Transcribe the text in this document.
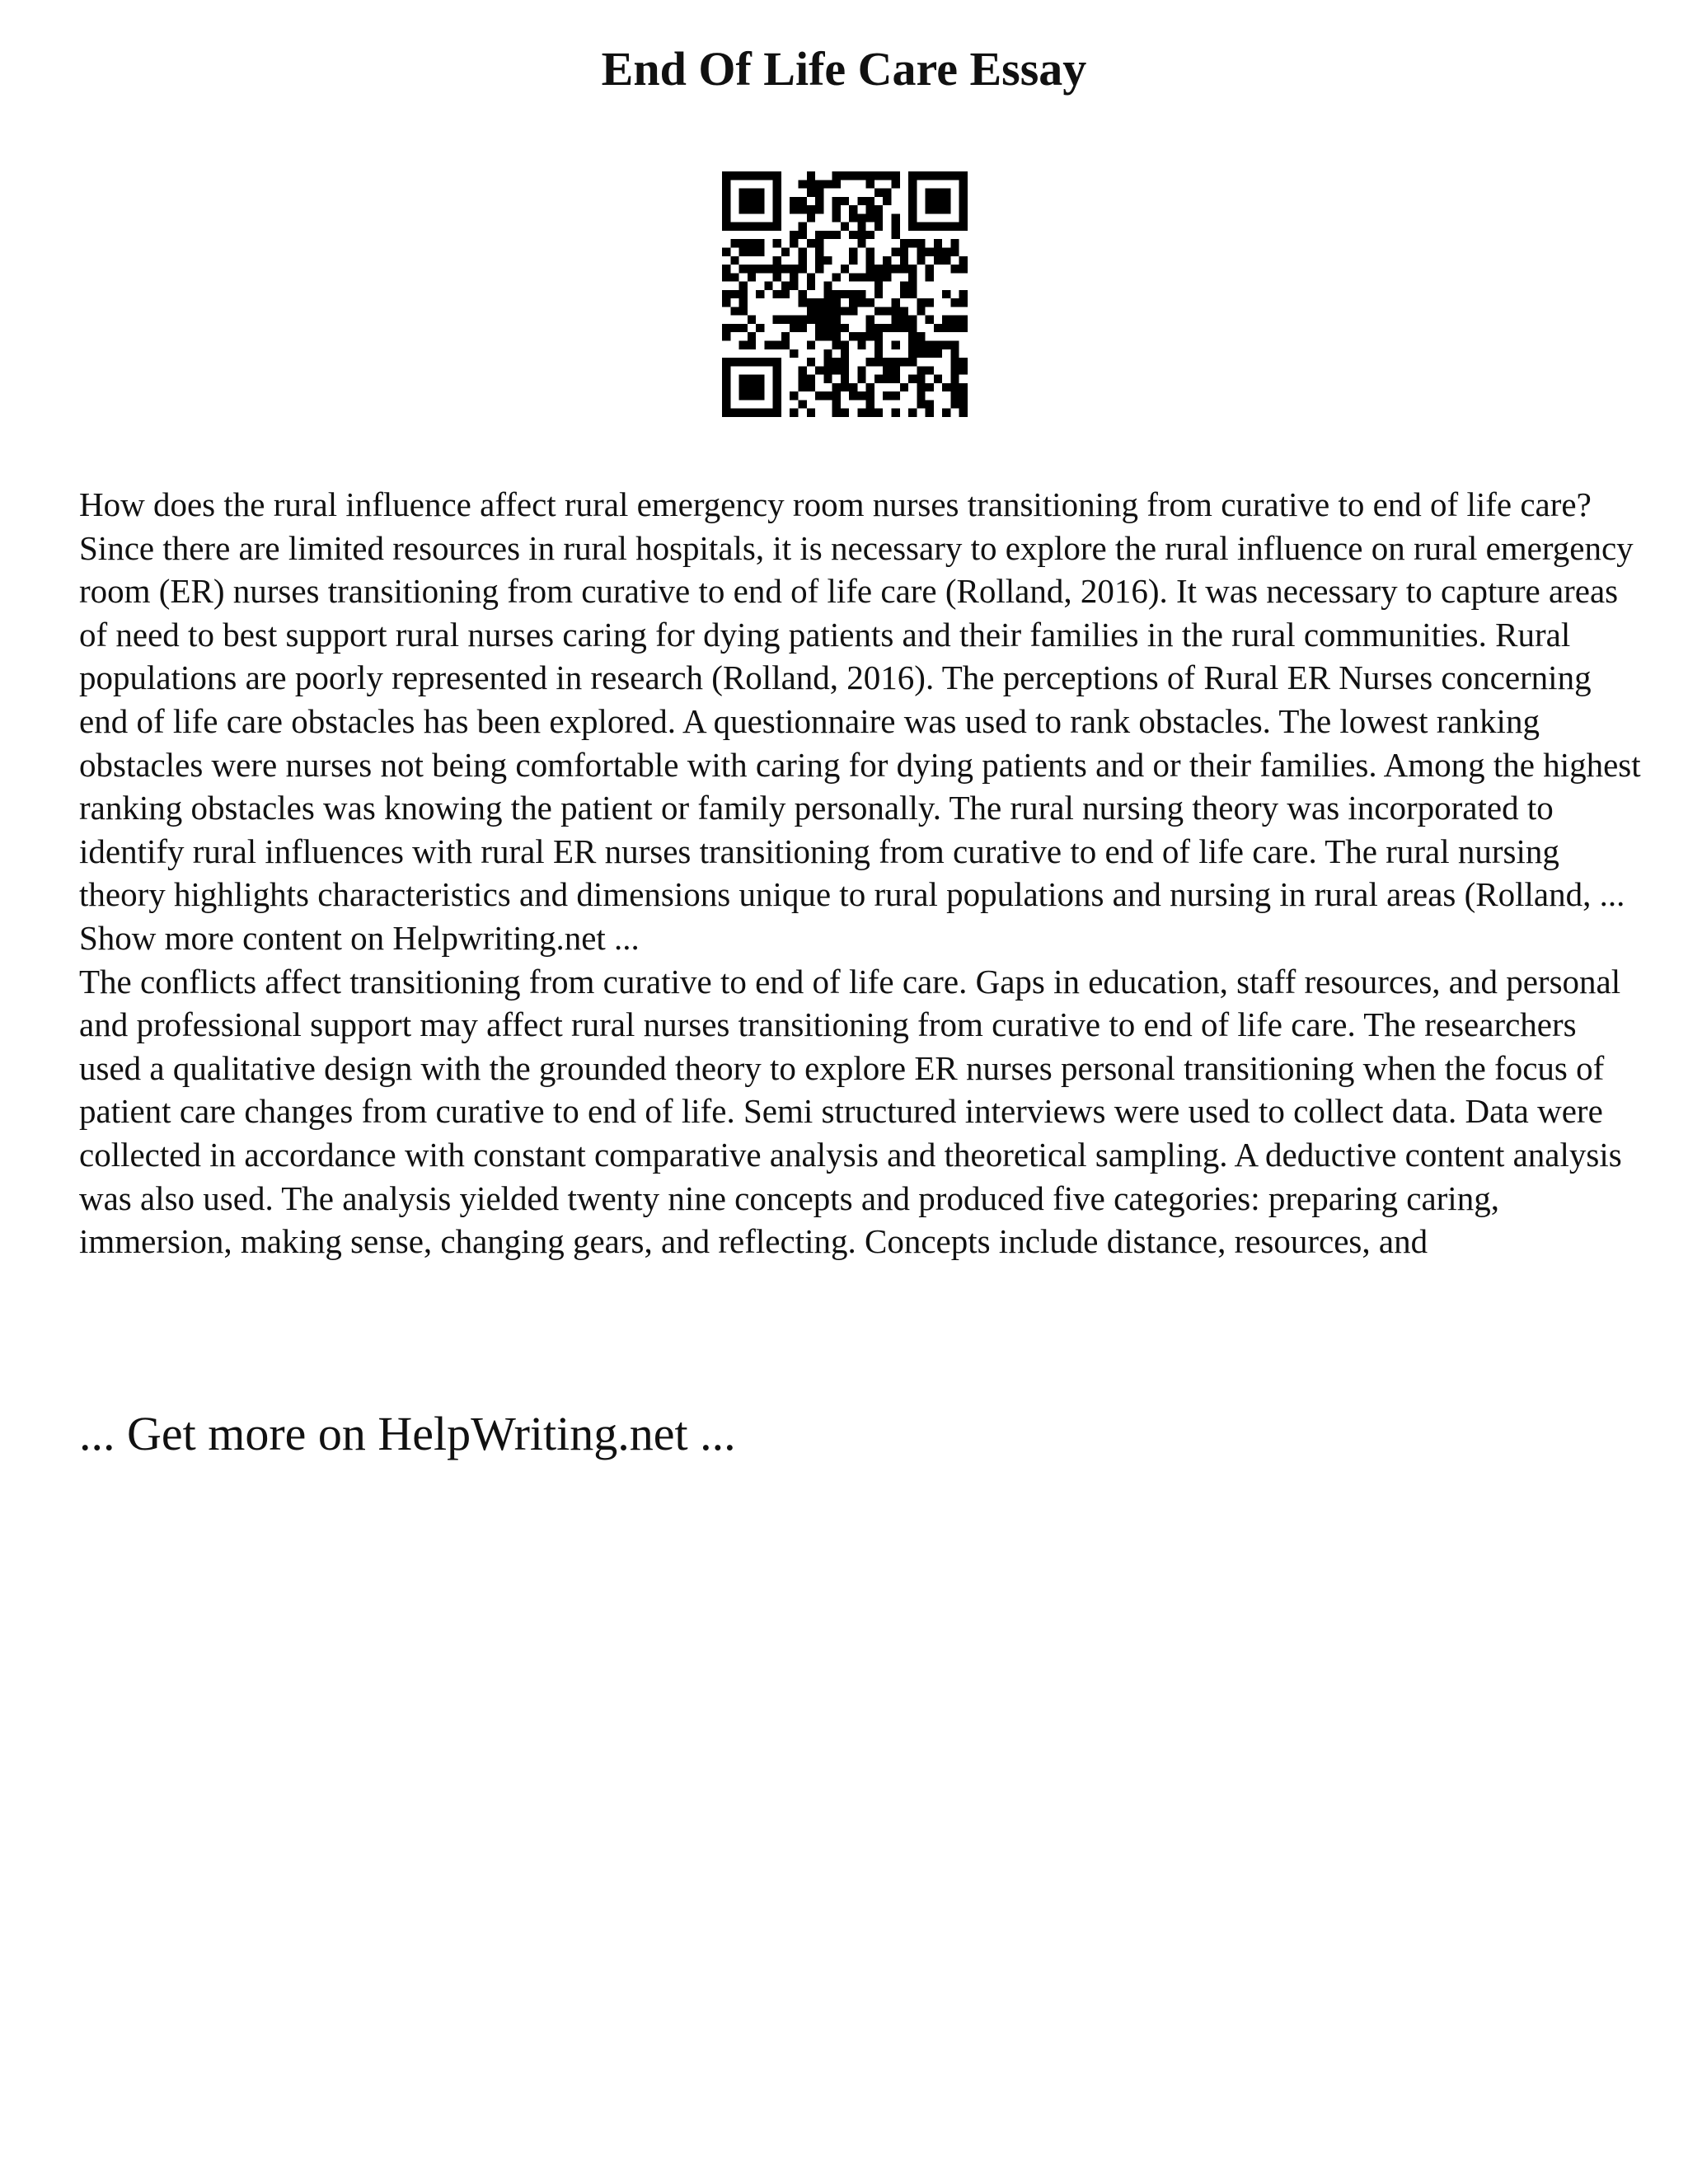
End Of Life Care Essay

How does the rural influence affect rural emergency room nurses transitioning from curative to end of life care? Since there are limited resources in rural hospitals, it is necessary to explore the rural influence on rural emergency room (ER) nurses transitioning from curative to end of life care (Rolland, 2016). It was necessary to capture areas of need to best support rural nurses caring for dying patients and their families in the rural communities. Rural populations are poorly represented in research (Rolland, 2016). The perceptions of Rural ER Nurses concerning end of life care obstacles has been explored. A questionnaire was used to rank obstacles. The lowest ranking obstacles were nurses not being comfortable with caring for dying patients and or their families. Among the highest ranking obstacles was knowing the patient or family personally. The rural nursing theory was incorporated to identify rural influences with rural ER nurses transitioning from curative to end of life care. The rural nursing theory highlights characteristics and dimensions unique to rural populations and nursing in rural areas (Rolland, ... Show more content on Helpwriting.net ...

The conflicts affect transitioning from curative to end of life care. Gaps in education, staff resources, and personal and professional support may affect rural nurses transitioning from curative to end of life care. The researchers used a qualitative design with the grounded theory to explore ER nurses personal transitioning when the focus of patient care changes from curative to end of life. Semi structured interviews were used to collect data. Data were collected in accordance with constant comparative analysis and theoretical sampling. A deductive content analysis was also used. The analysis yielded twenty nine concepts and produced five categories: preparing caring, immersion, making sense, changing gears, and reflecting. Concepts include distance, resources, and

... Get more on HelpWriting.net ...
